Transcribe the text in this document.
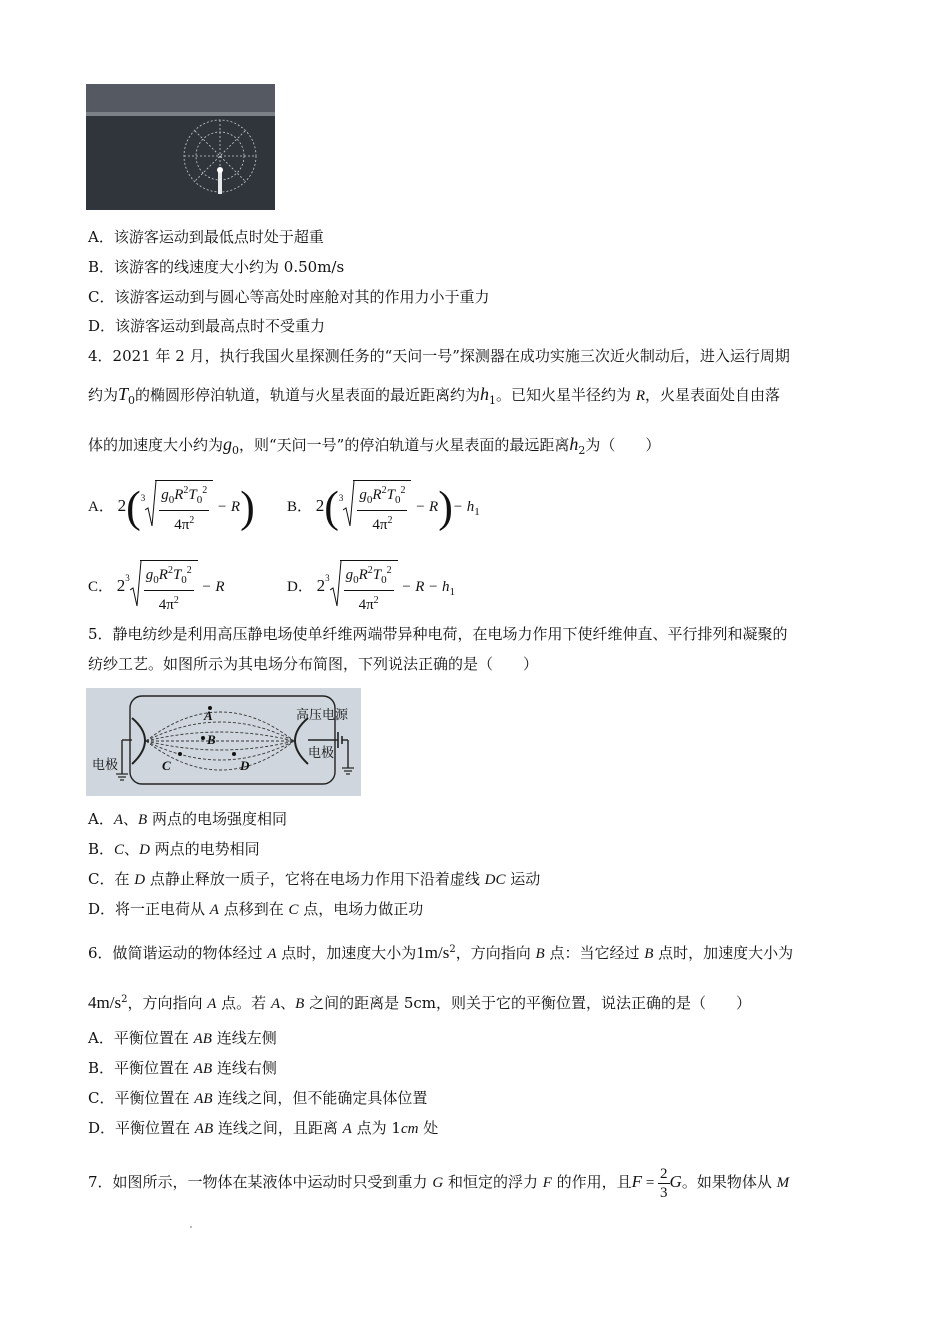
A．该游客运动到最低点时处于超重
B．该游客的线速度大小约为 0.50m/s
C．该游客运动到与圆心等高处时座舱对其的作用力小于重力
D．该游客运动到最高点时不受重力
4．2021 年 2 月，执行我国火星探测任务的“天问一号”探测器在成功实施三次近火制动后，进入运行周期
约为$T_0$的椭圆形停泊轨道，轨道与火星表面的最近距离约为$h_1$。已知火星半径约为 R，火星表面处自由落
体的加速度大小约为$g_0$，则“天问一号”的停泊轨道与火星表面的最远距离$h_2$为（　　）
A． $2(^3 \frac{g_0R^2T_0^2}{4\pi^2} - R)$ B． $2(^3 \frac{g_0R^2T_0^2}{4\pi^2} - R)- h_1$
C． $2^3 \frac{g_0R^2T_0^2}{4\pi^2} - R$	D． $2^3 \frac{g_0R^2T_0^2}{4\pi^2} - R - h_1$
5．静电纺纱是利用高压静电场使单纤维两端带异种电荷，在电场力作用下使纤维伸直、平行排列和凝聚的
纺纱工艺。如图所示为其电场分布简图，下列说法正确的是（　　）
高压电源
电极
电极
A
B
C	D
A．A、B 两点的电场强度相同
B．C、D 两点的电势相同
C．在 D 点静止释放一质子，它将在电场力作用下沿着虚线 DC 运动
D．将一正电荷从 A 点移到在 C 点，电场力做正功
6．做简谐运动的物体经过 A 点时，加速度大小为$1m/s^2$，方向指向 B 点：当它经过 B 点时，加速度大小为
$4m/s^2$，方向指向 A 点。若 A、B 之间的距离是 5cm，则关于它的平衡位置，说法正确的是（　　）
A．平衡位置在 AB 连线左侧
B．平衡位置在 AB 连线右侧
C．平衡位置在 AB 连线之间，但不能确定具体位置
D．平衡位置在 AB 连线之间，且距离 A 点为 1cm 处
7．如图所示，一物体在某液体中运动时只受到重力 G 和恒定的浮力 F 的作用，且$F = \frac{2}{3}$ G。如果物体从 M
